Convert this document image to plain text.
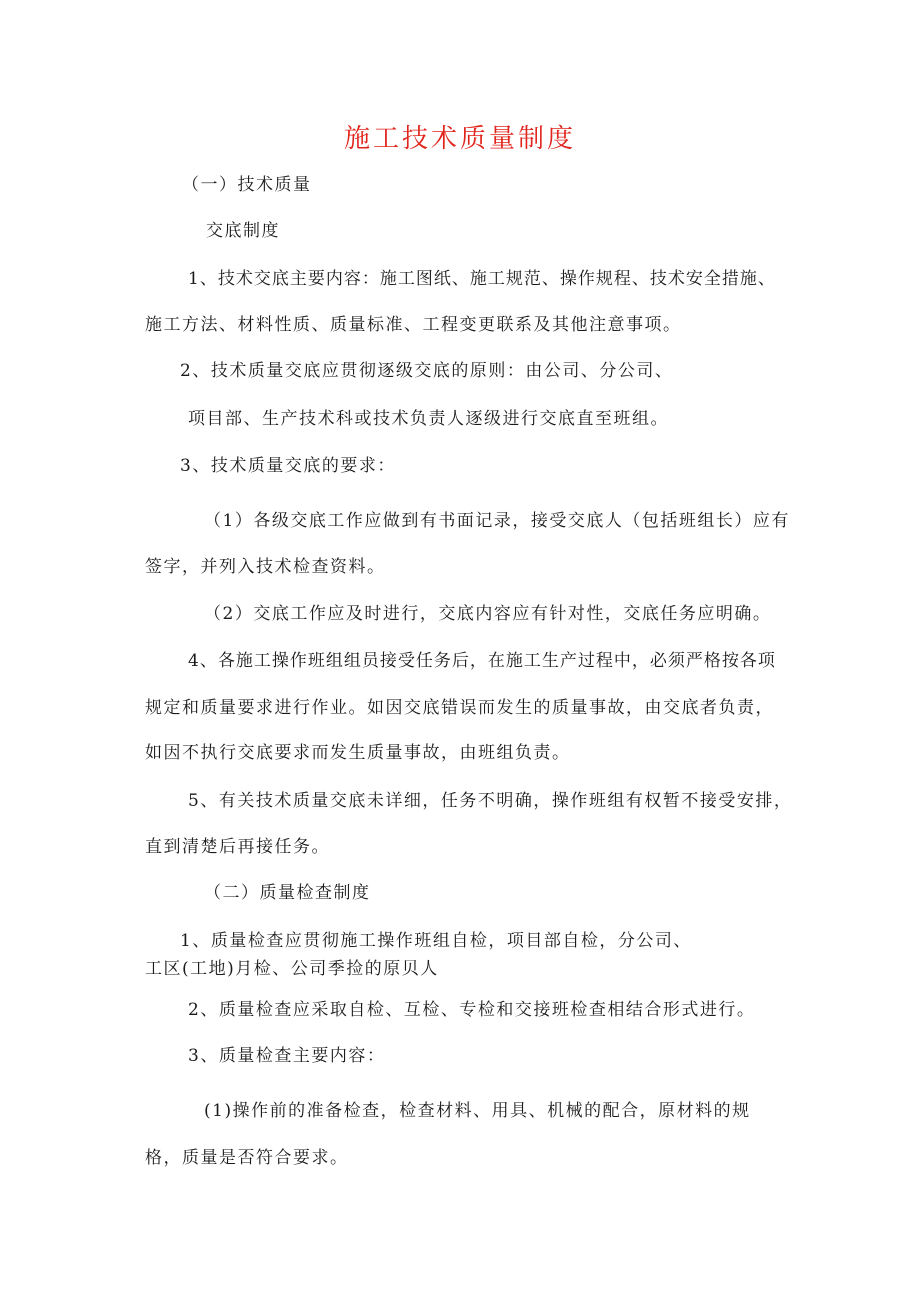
施工技术质量制度
（一）技术质量
交底制度
1、技术交底主要内容：施工图纸、施工规范、操作规程、技术安全措施、
施工方法、材料性质、质量标准、工程变更联系及其他注意事项。
2、技术质量交底应贯彻逐级交底的原则：由公司、分公司、
项目部、生产技术科或技术负责人逐级进行交底直至班组。
3、技术质量交底的要求：
（1）各级交底工作应做到有书面记录，接受交底人（包括班组长）应有
签字，并列入技术检查资料。
（2）交底工作应及时进行，交底内容应有针对性，交底任务应明确。
4、各施工操作班组组员接受任务后，在施工生产过程中，必须严格按各项
规定和质量要求进行作业。如因交底错误而发生的质量事故，由交底者负责，
如因不执行交底要求而发生质量事故，由班组负责。
5、有关技术质量交底未详细，任务不明确，操作班组有权暂不接受安排，
直到清楚后再接任务。
（二）质量检查制度
1、质量检查应贯彻施工操作班组自检，项目部自检，分公司、
工区(工地)月检、公司季捡的原贝人
2、质量检查应采取自检、互检、专检和交接班检查相结合形式进行。
3、质量检查主要内容：
(1)操作前的准备检查，检查材料、用具、机械的配合，原材料的规
格，质量是否符合要求。
